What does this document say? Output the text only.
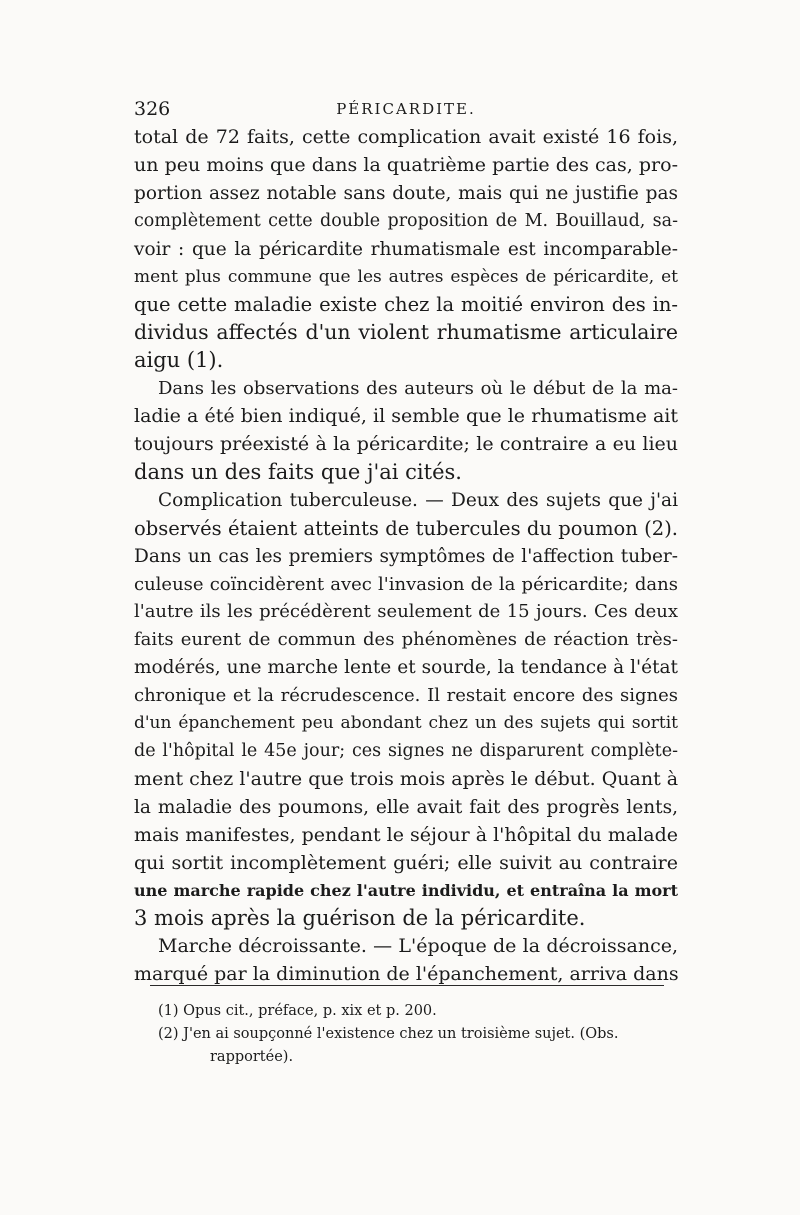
326	PÉRICARDITE.
total de 72 faits, cette complication avait existé 16 fois,
un peu moins que dans la quatrième partie des cas, pro-
portion assez notable sans doute, mais qui ne justifie pas
complètement cette double proposition de M. Bouillaud, sa-
voir : que la péricardite rhumatismale est incomparable-
ment plus commune que les autres espèces de péricardite, et
que cette maladie existe chez la moitié environ des in-
dividus affectés d'un violent rhumatisme articulaire
aigu (1).
Dans les observations des auteurs où le début de la ma-
ladie a été bien indiqué, il semble que le rhumatisme ait
toujours préexisté à la péricardite; le contraire a eu lieu
dans un des faits que j'ai cités.
Complication tuberculeuse. — Deux des sujets que j'ai
observés étaient atteints de tubercules du poumon (2).
Dans un cas les premiers symptômes de l'affection tuber-
culeuse coïncidèrent avec l'invasion de la péricardite; dans
l'autre ils les précédèrent seulement de 15 jours. Ces deux
faits eurent de commun des phénomènes de réaction très-
modérés, une marche lente et sourde, la tendance à l'état
chronique et la récrudescence. Il restait encore des signes
d'un épanchement peu abondant chez un des sujets qui sortit
de l'hôpital le 45e jour; ces signes ne disparurent complète-
ment chez l'autre que trois mois après le début. Quant à
la maladie des poumons, elle avait fait des progrès lents,
mais manifestes, pendant le séjour à l'hôpital du malade
qui sortit incomplètement guéri; elle suivit au contraire
une marche rapide chez l'autre individu, et entraîna la mort
3 mois après la guérison de la péricardite.
Marche décroissante. — L'époque de la décroissance,
marqué par la diminution de l'épanchement, arriva dans
(1) Opus cit., préface, p. xix et p. 200.
(2) J'en ai soupçonné l'existence chez un troisième sujet. (Obs.
rapportée).
